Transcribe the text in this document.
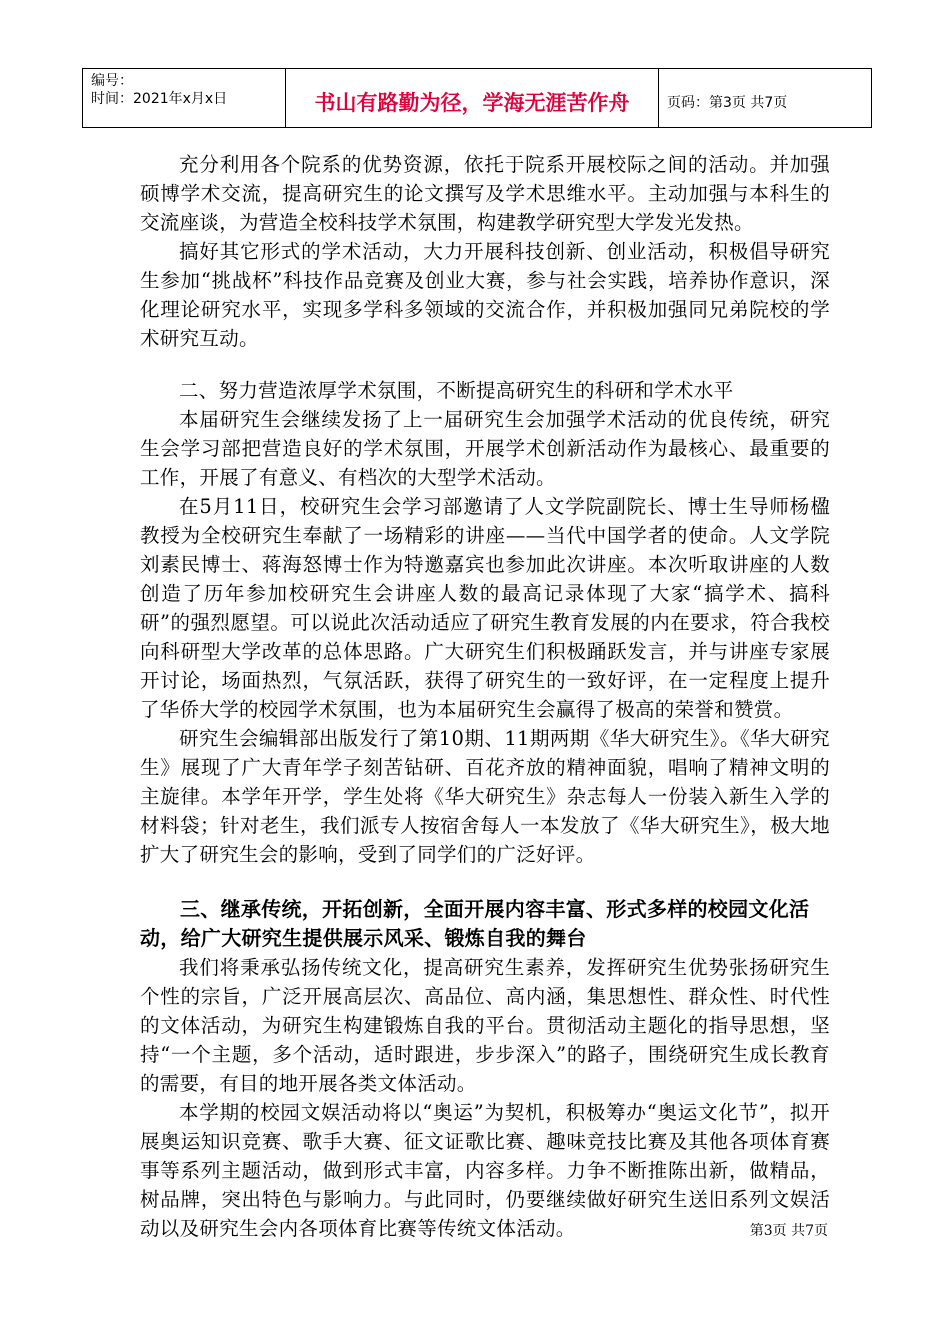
编号：
时间：2021年x月x日	书山有路勤为径，学海无涯苦作舟	页码：第3页 共7页

充分利用各个院系的优势资源，依托于院系开展校际之间的活动。并加强硕博学术交流，提高研究生的论文撰写及学术思维水平。主动加强与本科生的交流座谈，为营造全校科技学术氛围，构建教学研究型大学发光发热。

搞好其它形式的学术活动，大力开展科技创新、创业活动，积极倡导研究生参加“挑战杯”科技作品竞赛及创业大赛，参与社会实践，培养协作意识，深化理论研究水平，实现多学科多领域的交流合作，并积极加强同兄弟院校的学术研究互动。

二、努力营造浓厚学术氛围，不断提高研究生的科研和学术水平

本届研究生会继续发扬了上一届研究生会加强学术活动的优良传统，研究生会学习部把营造良好的学术氛围，开展学术创新活动作为最核心、最重要的工作，开展了有意义、有档次的大型学术活动。

在5月11日，校研究生会学习部邀请了人文学院副院长、博士生导师杨楹教授为全校研究生奉献了一场精彩的讲座——当代中国学者的使命。人文学院刘素民博士、蒋海怒博士作为特邀嘉宾也参加此次讲座。本次听取讲座的人数创造了历年参加校研究生会讲座人数的最高记录体现了大家“搞学术、搞科研”的强烈愿望。可以说此次活动适应了研究生教育发展的内在要求，符合我校向科研型大学改革的总体思路。广大研究生们积极踊跃发言，并与讲座专家展开讨论，场面热烈，气氛活跃，获得了研究生的一致好评，在一定程度上提升了华侨大学的校园学术氛围，也为本届研究生会赢得了极高的荣誉和赞赏。

研究生会编辑部出版发行了第10期、11期两期《华大研究生》。《华大研究生》展现了广大青年学子刻苦钻研、百花齐放的精神面貌，唱响了精神文明的主旋律。本学年开学，学生处将《华大研究生》杂志每人一份装入新生入学的材料袋；针对老生，我们派专人按宿舍每人一本发放了《华大研究生》，极大地扩大了研究生会的影响，受到了同学们的广泛好评。

三、继承传统，开拓创新，全面开展内容丰富、形式多样的校园文化活动，给广大研究生提供展示风采、锻炼自我的舞台

我们将秉承弘扬传统文化，提高研究生素养，发挥研究生优势张扬研究生个性的宗旨，广泛开展高层次、高品位、高内涵，集思想性、群众性、时代性的文体活动，为研究生构建锻炼自我的平台。贯彻活动主题化的指导思想，坚持“一个主题，多个活动，适时跟进，步步深入”的路子，围绕研究生成长教育的需要，有目的地开展各类文体活动。

本学期的校园文娱活动将以“奥运”为契机，积极筹办“奥运文化节”，拟开展奥运知识竞赛、歌手大赛、征文证歌比赛、趣味竞技比赛及其他各项体育赛事等系列主题活动，做到形式丰富，内容多样。力争不断推陈出新，做精品，树品牌，突出特色与影响力。与此同时，仍要继续做好研究生送旧系列文娱活动以及研究生会内各项体育比赛等传统文体活动。	第3页 共7页
